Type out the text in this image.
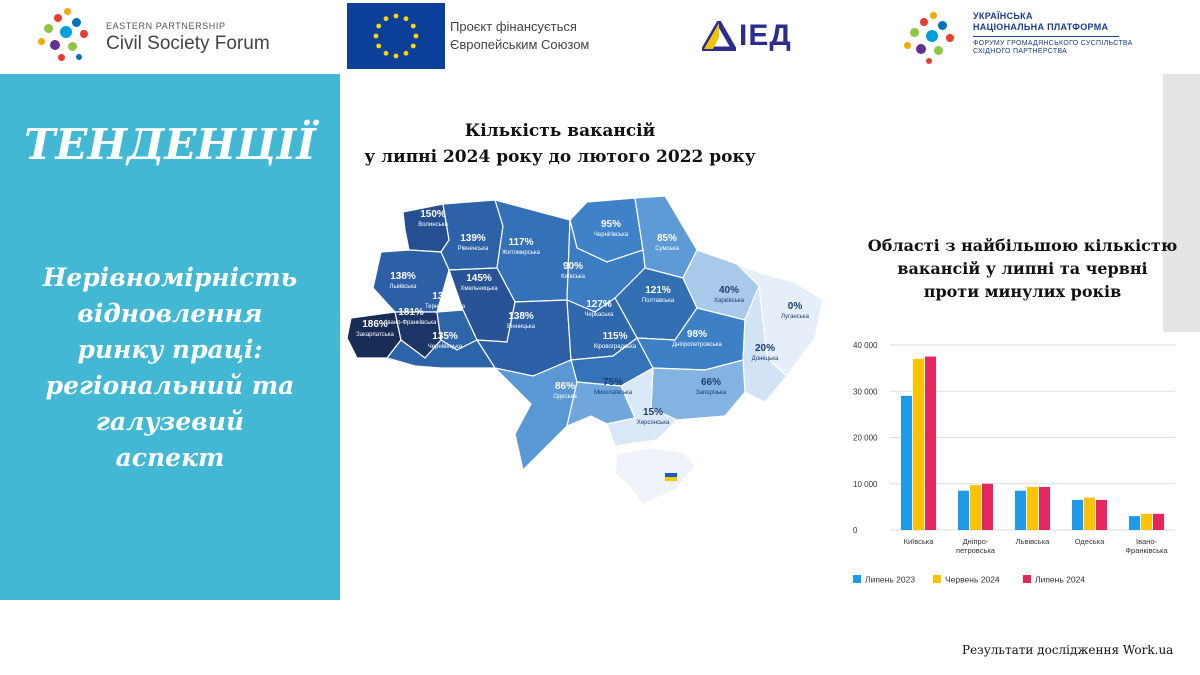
EASTERN PARTNERSHIP
Civil Society Forum
Проєкт фінансується
Європейським Союзом	ІЕД
УКРАЇНСЬКА
НАЦІОНАЛЬНА ПЛАТФОРМА
ФОРУМУ ГРОМАДЯНСЬКОГО СУСПІЛЬСТВА
СХІДНОГО ПАРТНЕРСТВА
ТЕНДЕНЦІЇ
Нерівномірність
відновлення
ринку праці:
регіональний та
галузевий
аспект
Кількість вакансій
у липні 2024 року до лютого 2022 року
150%
Волинська
139%
Рівненська
117%
Житомирська
95%
Чернігівська	85%
Сумська
138%
Львівська
145%
Хмельницька
90%
Київська
121%
Полтавська
40%
Харківська	0%
Луганська
186%
Закарпатська
181%
Івано-Франківська
133%
Тернопільська
138%
Вінницька
127%
Черкаська
135%
Чернівецька
115%
Кіровоградська
98%
Дніпропетровська	20%
Донецька
86%
Одеська
75%
Миколаївська
66%
Запорізька
15%
Херсонська
Області з найбільшою кількістю
вакансій у липні та червні
проти минулих років
0
10 000
20 000
30 000
40 000
Київська	Дніпро-
петровська
Львівська	Одеська	Івано-
Франківська
Липень 2023	Червень 2024	Липень 2024
Результати дослідження Work.ua
